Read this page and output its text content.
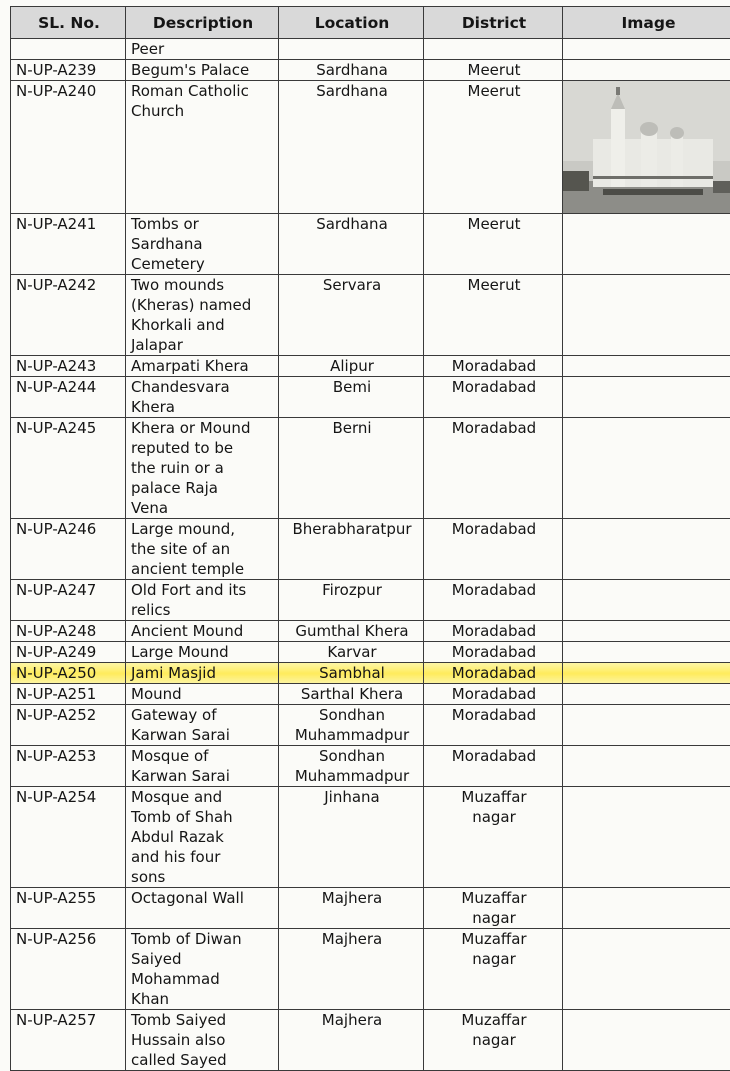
SL. No.	Description	Location	District	Image
	Peer			
N-UP-A239	Begum's Palace	Sardhana	Meerut	
N-UP-A240	Roman Catholic
Church	Sardhana	Meerut	

N-UP-A241	Tombs or
Sardhana
Cemetery	Sardhana	Meerut	
N-UP-A242	Two mounds
(Kheras) named
Khorkali and
Jalapar	Servara	Meerut	
N-UP-A243	Amarpati Khera	Alipur	Moradabad	
N-UP-A244	Chandesvara
Khera	Bemi	Moradabad	
N-UP-A245	Khera or Mound
reputed to be
the ruin or a
palace Raja
Vena	Berni	Moradabad	
N-UP-A246	Large mound,
the site of an
ancient temple	Bherabharatpur	Moradabad	
N-UP-A247	Old Fort and its
relics	Firozpur	Moradabad	
N-UP-A248	Ancient Mound	Gumthal Khera	Moradabad	
N-UP-A249	Large Mound	Karvar	Moradabad	
N-UP-A250	Jami Masjid	Sambhal	Moradabad	
N-UP-A251	Mound	Sarthal Khera	Moradabad	
N-UP-A252	Gateway of
Karwan Sarai	Sondhan
Muhammadpur	Moradabad	
N-UP-A253	Mosque of
Karwan Sarai	Sondhan
Muhammadpur	Moradabad	
N-UP-A254	Mosque and
Tomb of Shah
Abdul Razak
and his four
sons	Jinhana	Muzaffar
nagar	
N-UP-A255	Octagonal Wall	Majhera	Muzaffar
nagar	
N-UP-A256	Tomb of Diwan
Saiyed
Mohammad
Khan	Majhera	Muzaffar
nagar	
N-UP-A257	Tomb Saiyed
Hussain also
called Sayed	Majhera	Muzaffar
nagar	
